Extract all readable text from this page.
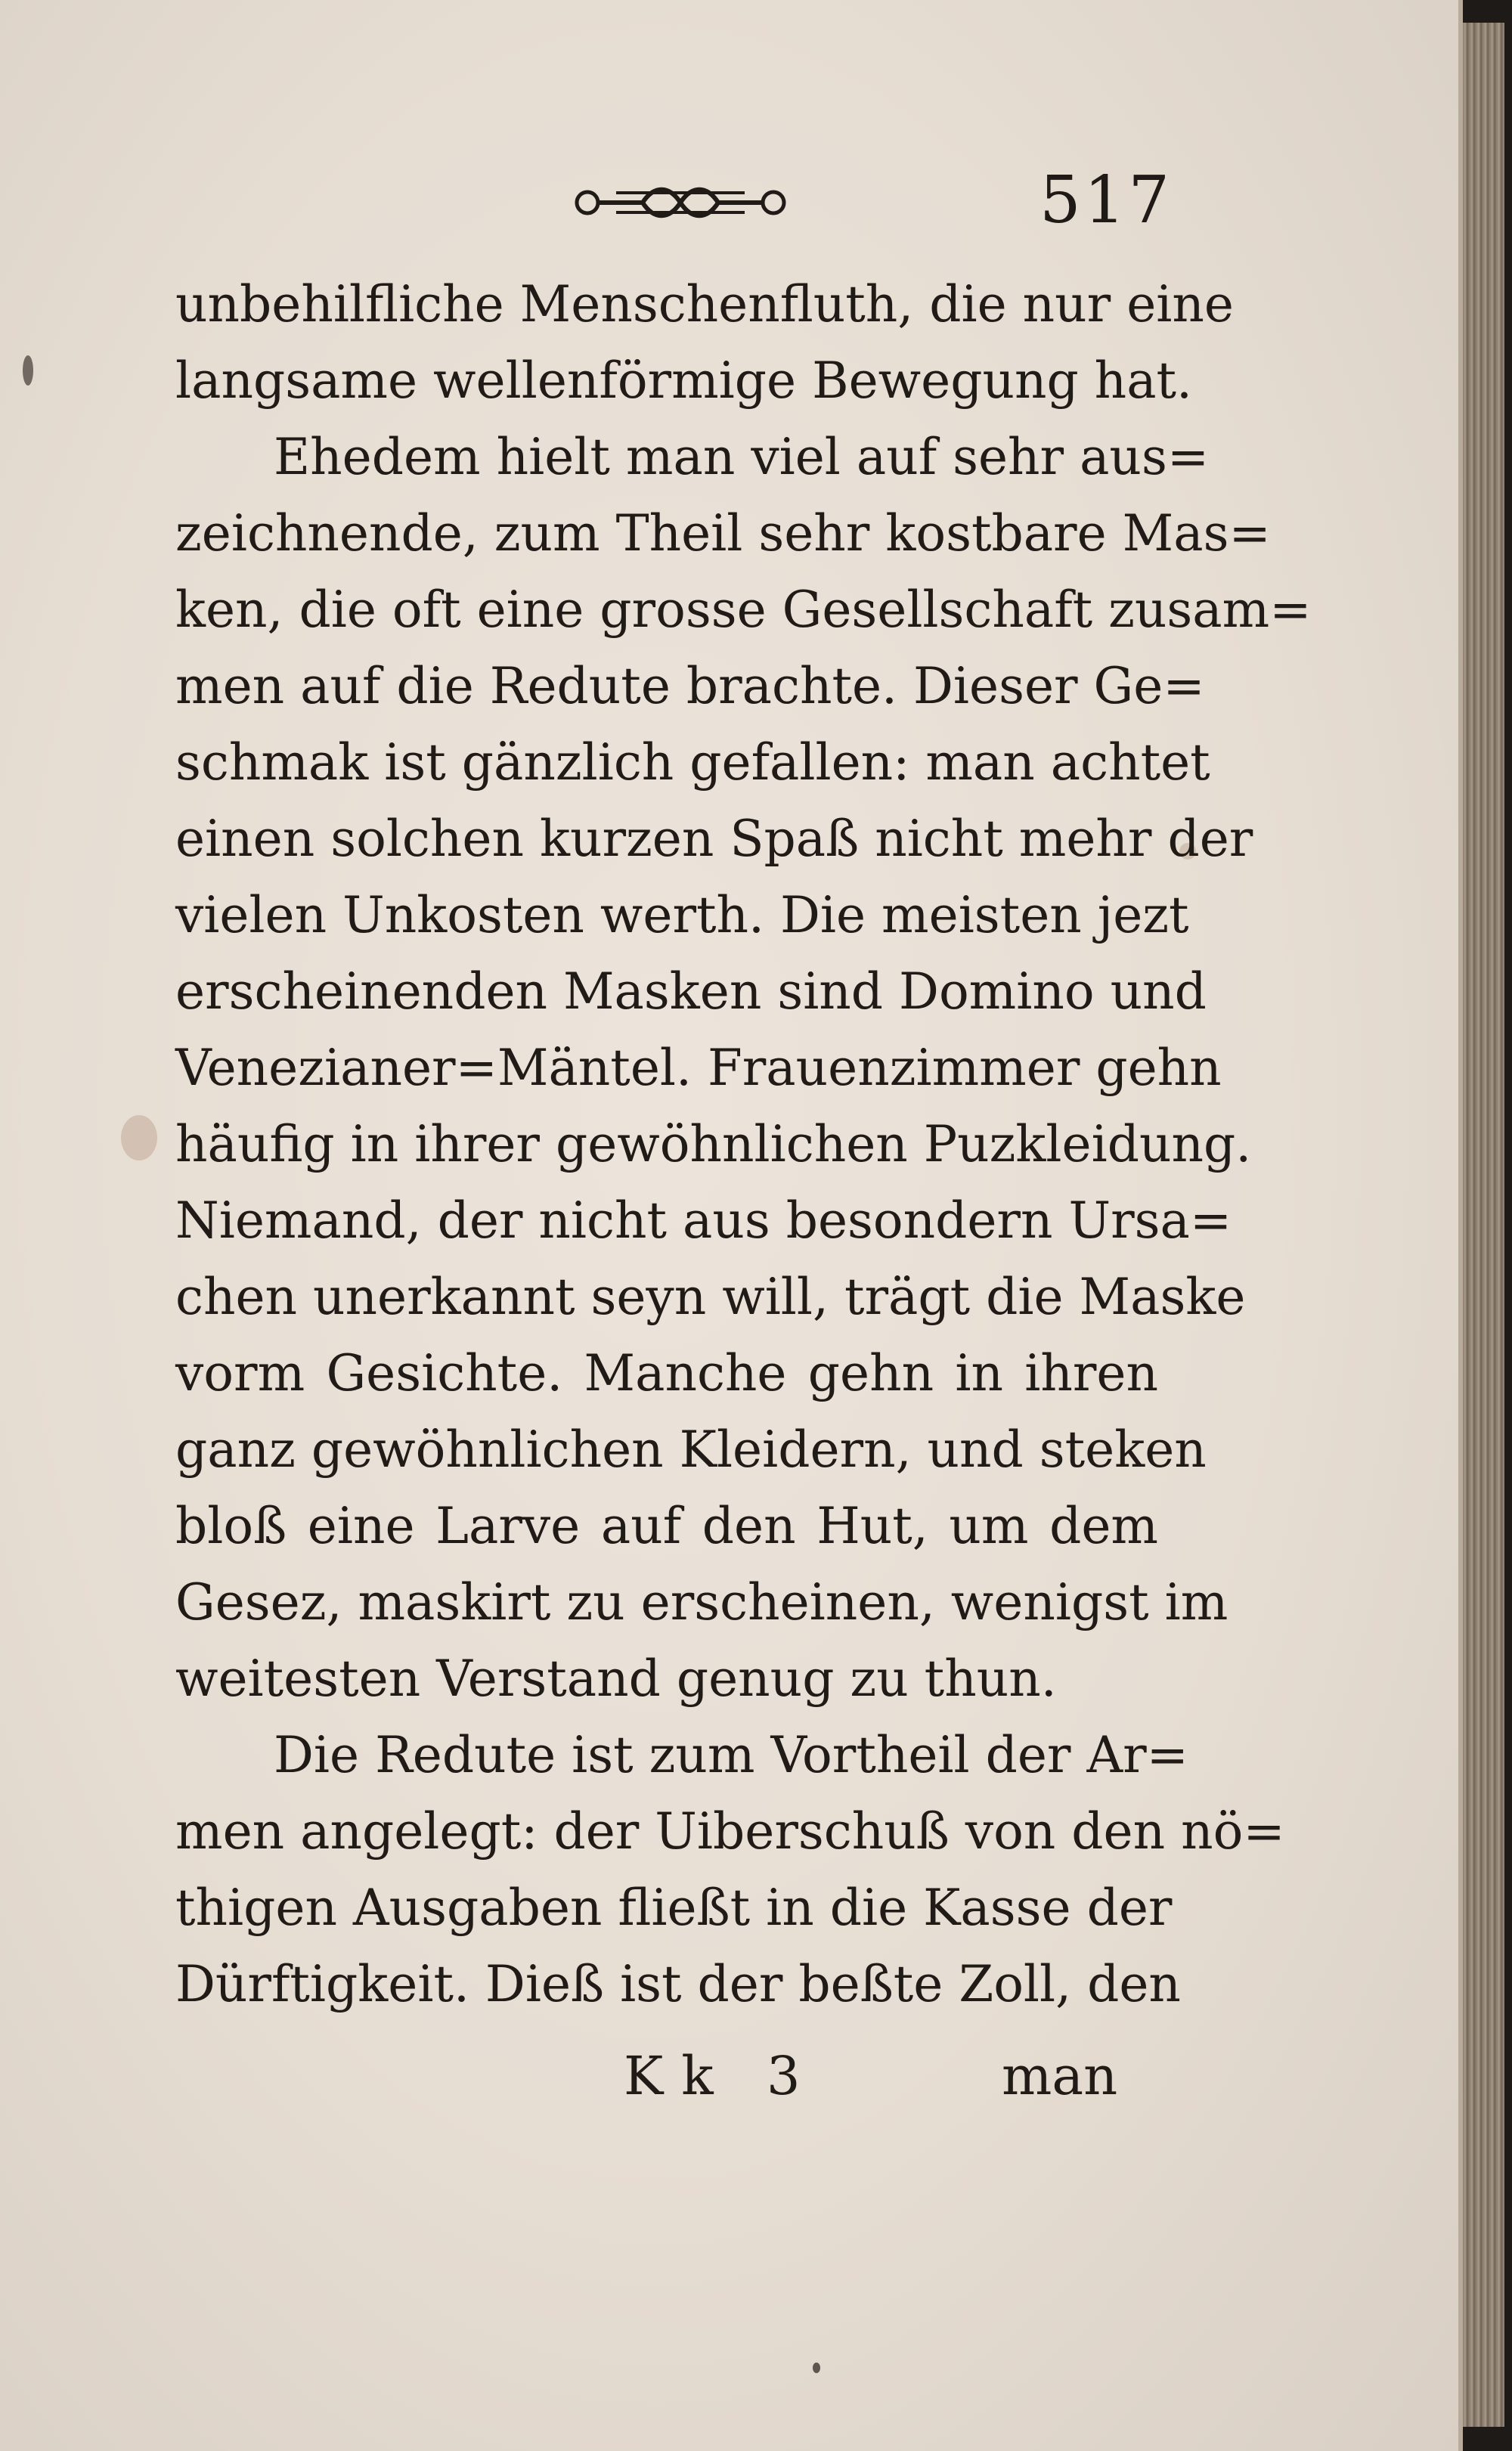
517
unbehilfliche Menschenfluth, die nur eine
langsame wellenförmige Bewegung hat.
Ehedem hielt man viel auf sehr aus=
zeichnende, zum Theil sehr kostbare Mas=
ken, die oft eine grosse Gesellschaft zusam=
men auf die Redute brachte. Dieser Ge=
schmak ist gänzlich gefallen: man achtet
einen solchen kurzen Spaß nicht mehr der
vielen Unkosten werth. Die meisten jezt
erscheinenden Masken sind Domino und
Venezianer=Mäntel. Frauenzimmer gehn
häufig in ihrer gewöhnlichen Puzkleidung.
Niemand, der nicht aus besondern Ursa=
chen unerkannt seyn will, trägt die Maske
vorm Gesichte. Manche gehn in ihren
ganz gewöhnlichen Kleidern, und steken
bloß eine Larve auf den Hut, um dem
Gesez, maskirt zu erscheinen, wenigst im
weitesten Verstand genug zu thun.
Die Redute ist zum Vortheil der Ar=
men angelegt: der Uiberschuß von den nö=
thigen Ausgaben fließt in die Kasse der
Dürftigkeit. Dieß ist der beßte Zoll, den
Kk 3	man
